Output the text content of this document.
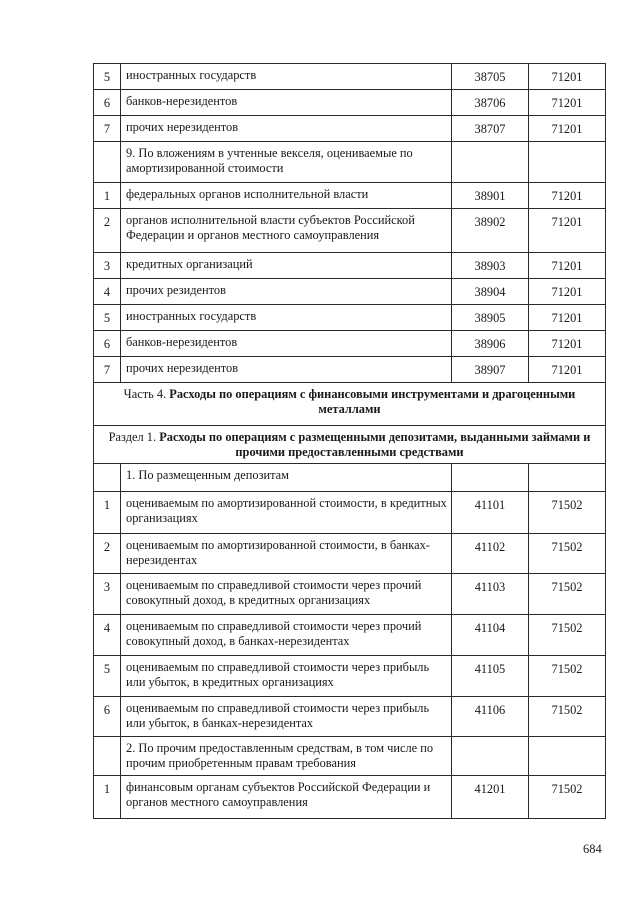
5	иностранных государств	38705	71201
6	банков-нерезидентов	38706	71201
7	прочих нерезидентов	38707	71201
	9. По вложениям в учтенные векселя, оцениваемые по амортизированной стоимости		
1	федеральных органов исполнительной власти	38901	71201
2	органов исполнительной власти субъектов Российской Федерации и органов местного самоуправления	38902	71201
3	кредитных организаций	38903	71201
4	прочих резидентов	38904	71201
5	иностранных государств	38905	71201
6	банков-нерезидентов	38906	71201
7	прочих нерезидентов	38907	71201
Часть 4. Расходы по операциям с финансовыми инструментами и драгоценными металлами			
Раздел 1. Расходы по операциям с размещенными депозитами, выданными займами и прочими предоставленными средствами			
	1. По размещенным депозитам		
1	оцениваемым по амортизированной стоимости, в кредитных организациях	41101	71502
2	оцениваемым по амортизированной стоимости, в банках-нерезидентах	41102	71502
3	оцениваемым по справедливой стоимости через прочий совокупный доход, в кредитных организациях	41103	71502
4	оцениваемым по справедливой стоимости через прочий совокупный доход, в банках-нерезидентах	41104	71502
5	оцениваемым по справедливой стоимости через прибыль или убыток, в кредитных организациях	41105	71502
6	оцениваемым по справедливой стоимости через прибыль или убыток, в банках-нерезидентах	41106	71502
	2. По прочим предоставленным средствам, в том числе по прочим приобретенным правам требования		
1	финансовым органам субъектов Российской Федерации и органов местного самоуправления	41201	71502
684
